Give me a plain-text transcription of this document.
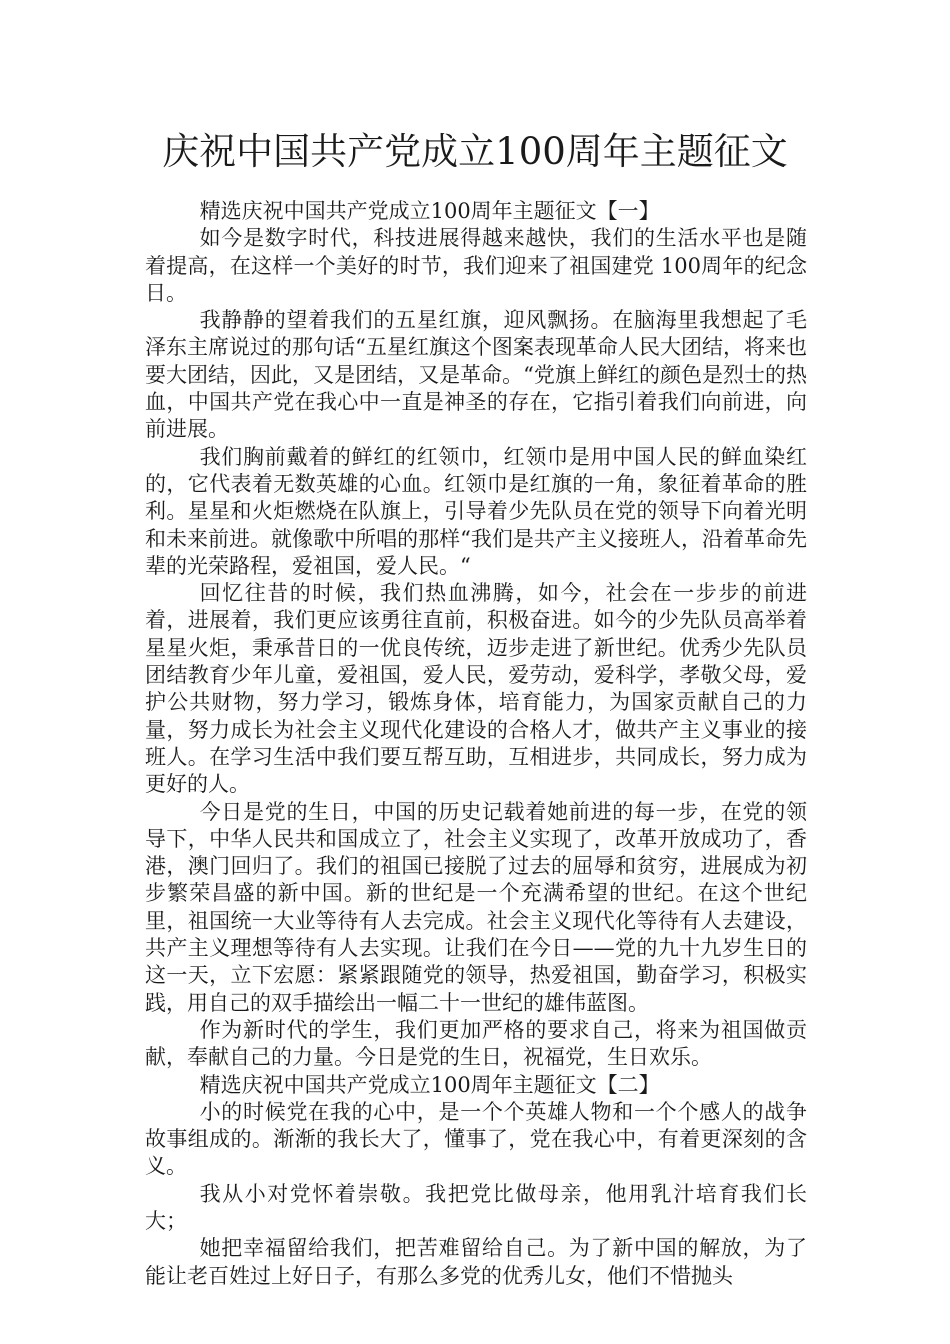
庆祝中国共产党成立100周年主题征文

精选庆祝中国共产党成立100周年主题征文【一】

如今是数字时代，科技进展得越来越快，我们的生活水平也是随着提高，在这样一个美好的时节，我们迎来了祖国建党 100周年的纪念日。

我静静的望着我们的五星红旗，迎风飘扬。在脑海里我想起了毛泽东主席说过的那句话“五星红旗这个图案表现革命人民大团结，将来也要大团结，因此，又是团结，又是革命。“党旗上鲜红的颜色是烈士的热血，中国共产党在我心中一直是神圣的存在，它指引着我们向前进，向前进展。

我们胸前戴着的鲜红的红领巾，红领巾是用中国人民的鲜血染红的，它代表着无数英雄的心血。红领巾是红旗的一角，象征着革命的胜利。星星和火炬燃烧在队旗上，引导着少先队员在党的领导下向着光明和未来前进。就像歌中所唱的那样“我们是共产主义接班人，沿着革命先辈的光荣路程，爱祖国，爱人民。“

回忆往昔的时候，我们热血沸腾，如今，社会在一步步的前进着，进展着，我们更应该勇往直前，积极奋进。如今的少先队员高举着星星火炬，秉承昔日的一优良传统，迈步走进了新世纪。优秀少先队员团结教育少年儿童，爱祖国，爱人民，爱劳动，爱科学，孝敬父母，爱护公共财物，努力学习，锻炼身体，培育能力，为国家贡献自己的力量，努力成长为社会主义现代化建设的合格人才，做共产主义事业的接班人。在学习生活中我们要互帮互助，互相进步，共同成长，努力成为更好的人。

今日是党的生日，中国的历史记载着她前进的每一步，在党的领导下，中华人民共和国成立了，社会主义实现了，改革开放成功了，香港，澳门回归了。我们的祖国已接脱了过去的屈辱和贫穷，进展成为初步繁荣昌盛的新中国。新的世纪是一个充满希望的世纪。在这个世纪里，祖国统一大业等待有人去完成。社会主义现代化等待有人去建设，共产主义理想等待有人去实现。让我们在今日——党的九十九岁生日的这一天，立下宏愿：紧紧跟随党的领导，热爱祖国，勤奋学习，积极实践，用自己的双手描绘出一幅二十一世纪的雄伟蓝图。

作为新时代的学生，我们更加严格的要求自己，将来为祖国做贡献，奉献自己的力量。今日是党的生日，祝福党，生日欢乐。

精选庆祝中国共产党成立100周年主题征文【二】

小的时候党在我的心中，是一个个英雄人物和一个个感人的战争故事组成的。渐渐的我长大了，懂事了，党在我心中，有着更深刻的含义。

我从小对党怀着崇敬。我把党比做母亲，他用乳汁培育我们长大；

她把幸福留给我们，把苦难留给自己。为了新中国的解放，为了能让老百姓过上好日子，有那么多党的优秀儿女，他们不惜抛头
